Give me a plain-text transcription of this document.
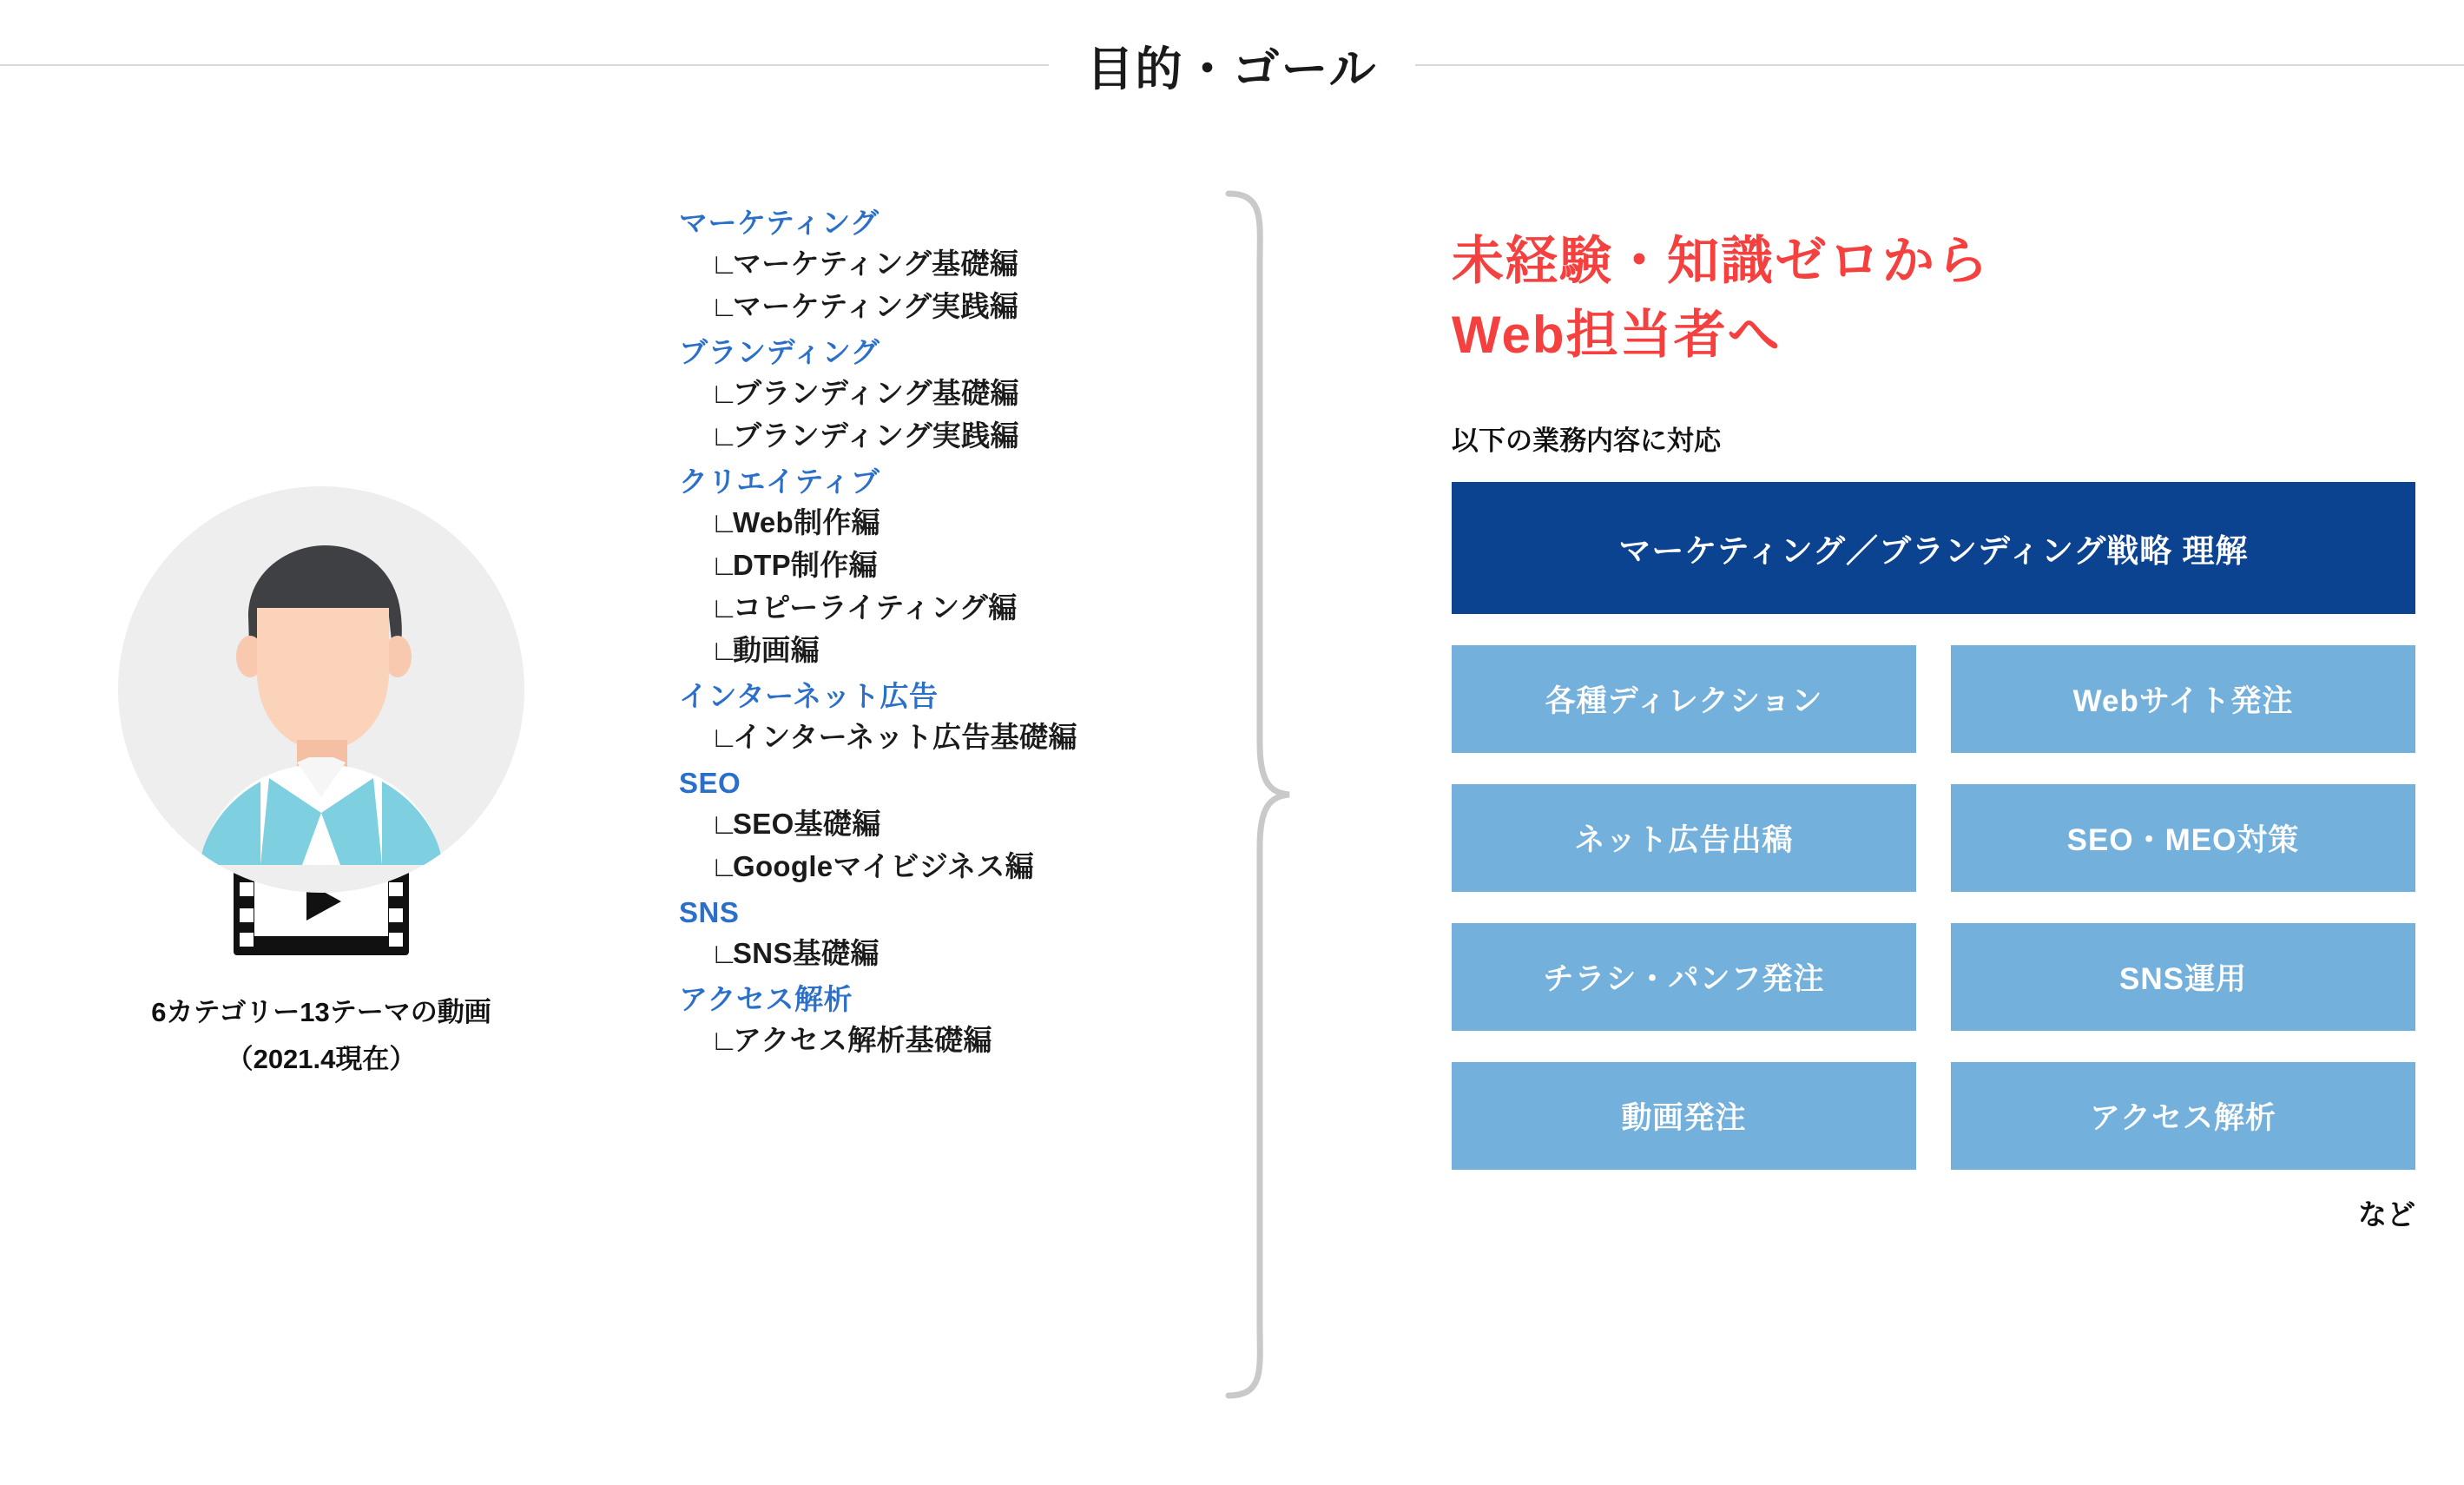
目的・ゴール
6カテゴリー13テーマの動画
（2021.4現在）
マーケティング
∟マーケティング基礎編
∟マーケティング実践編
ブランディング
∟ブランディング基礎編
∟ブランディング実践編
クリエイティブ
∟Web制作編
∟DTP制作編
∟コピーライティング編
∟動画編
インターネット広告
∟インターネット広告基礎編
SEO
∟SEO基礎編
∟Googleマイビジネス編
SNS
∟SNS基礎編
アクセス解析
∟アクセス解析基礎編
未経験・知識ゼロから
Web担当者へ
以下の業務内容に対応
マーケティング／ブランディング戦略 理解
各種ディレクション	Webサイト発注
ネット広告出稿	SEO・MEO対策
チラシ・パンフ発注	SNS運用
動画発注	アクセス解析
など
